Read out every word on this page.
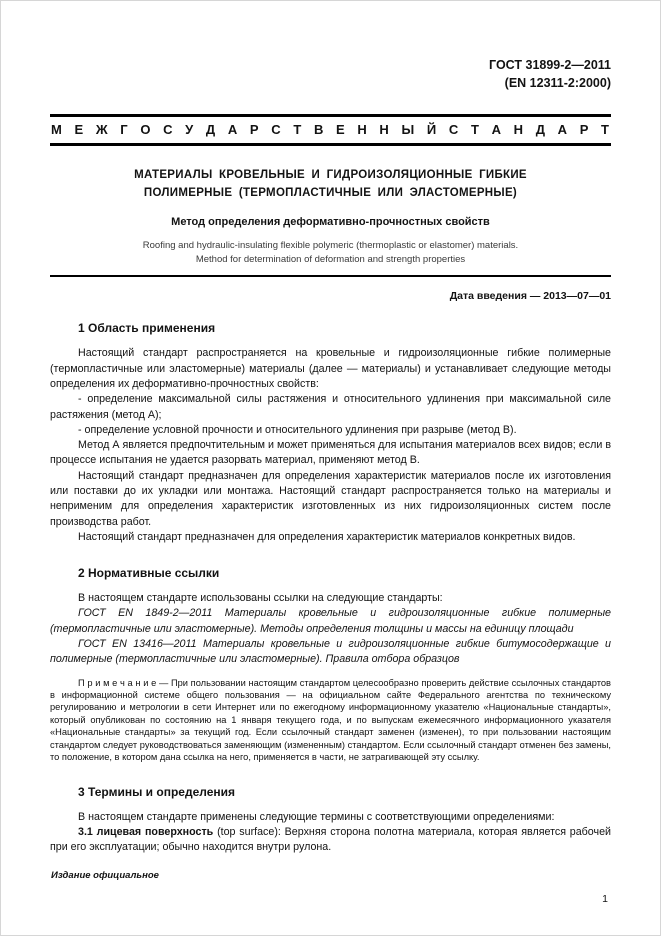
ГОСТ 31899-2—2011
(EN 12311-2:2000)
М Е Ж Г О С У Д А Р С Т В Е Н Н Ы Й С Т А Н Д А Р Т
МАТЕРИАЛЫ КРОВЕЛЬНЫЕ И ГИДРОИЗОЛЯЦИОННЫЕ ГИБКИЕ
ПОЛИМЕРНЫЕ (ТЕРМОПЛАСТИЧНЫЕ ИЛИ ЭЛАСТОМЕРНЫЕ)
Метод определения деформативно-прочностных свойств
Roofing and hydraulic-insulating flexible polymeric (thermoplastic or elastomer) materials.
Method for determination of deformation and strength properties
Дата введения — 2013—07—01
1 Область применения

Настоящий стандарт распространяется на кровельные и гидроизоляционные гибкие полимерные (термопластичные или эластомерные) материалы (далее — материалы) и устанавливает следующие методы определения их деформативно-прочностных свойств:

- определение максимальной силы растяжения и относительного удлинения при максимальной силе растяжения (метод А);

- определение условной прочности и относительного удлинения при разрыве (метод В).

Метод А является предпочтительным и может применяться для испытания материалов всех видов; если в процессе испытания не удается разорвать материал, применяют метод В.

Настоящий стандарт предназначен для определения характеристик материалов после их изготовления или поставки до их укладки или монтажа. Настоящий стандарт распространяется только на материалы и неприменим для определения характеристик изготовленных из них гидроизоляционных систем после производства работ.

Настоящий стандарт предназначен для определения характеристик материалов конкретных видов.

2 Нормативные ссылки

В настоящем стандарте использованы ссылки на следующие стандарты:

ГОСТ EN 1849-2—2011 Материалы кровельные и гидроизоляционные гибкие полимерные (термопластичные или эластомерные). Методы определения толщины и массы на единицу площади

ГОСТ EN 13416—2011 Материалы кровельные и гидроизоляционные гибкие битумосодержащие и полимерные (термопластичные или эластомерные). Правила отбора образцов

П р и м е ч а н и е — При пользовании настоящим стандартом целесообразно проверить действие ссылочных стандартов в информационной системе общего пользования — на официальном сайте Федерального агентства по техническому регулированию и метрологии в сети Интернет или по ежегодному информационному указателю «Национальные стандарты», который опубликован по состоянию на 1 января текущего года, и по выпускам ежемесячного информационного указателя «Национальные стандарты» за текущий год. Если ссылочный стандарт заменен (изменен), то при пользовании настоящим стандартом следует руководствоваться заменяющим (измененным) стандартом. Если ссылочный стандарт отменен без замены, то положение, в котором дана ссылка на него, применяется в части, не затрагивающей эту ссылку.

3 Термины и определения

В настоящем стандарте применены следующие термины с соответствующими определениями:

3.1 лицевая поверхность (top surface): Верхняя сторона полотна материала, которая является рабочей при его эксплуатации; обычно находится внутри рулона.

Издание официальное
1
